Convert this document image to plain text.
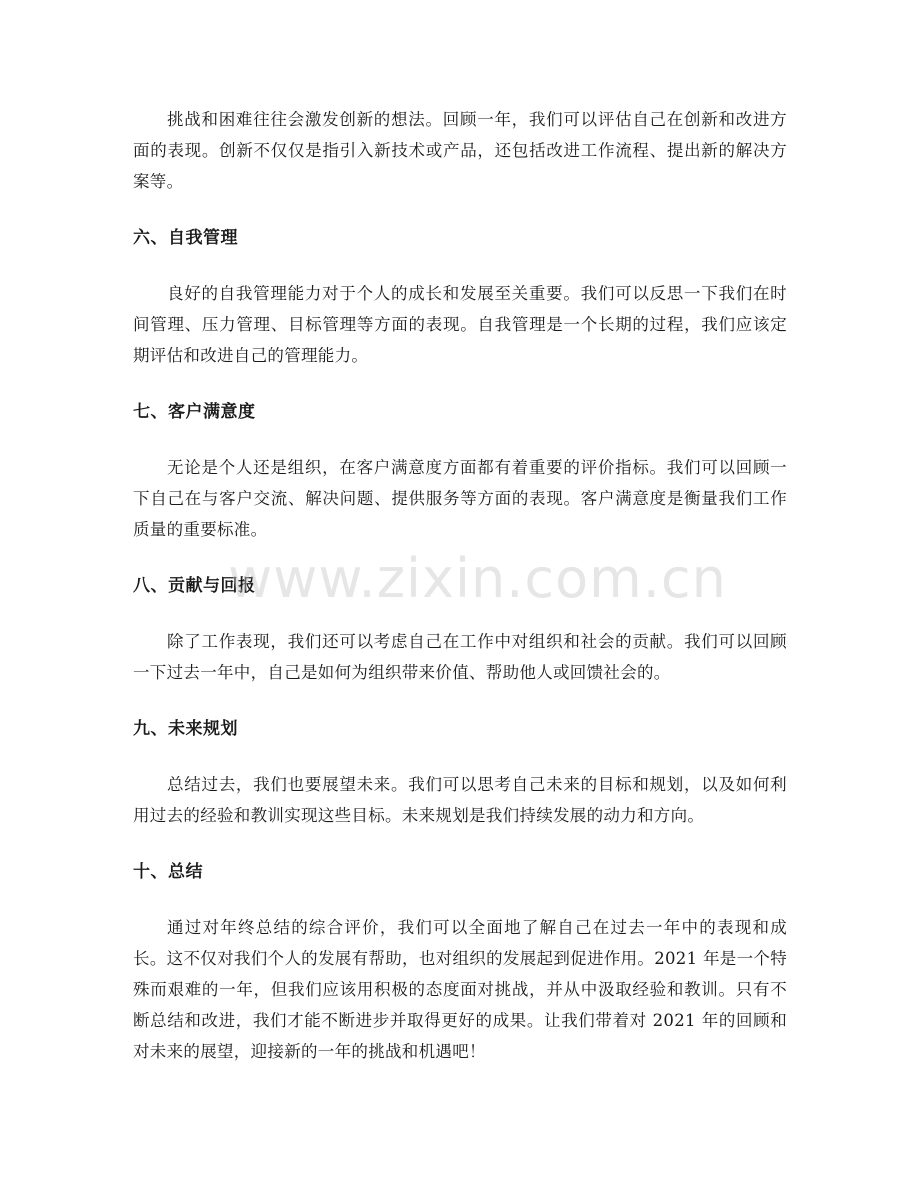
挑战和困难往往会激发创新的想法。回顾一年，我们可以评估自己在创新和改进方面的表现。创新不仅仅是指引入新技术或产品，还包括改进工作流程、提出新的解决方案等。

六、自我管理

良好的自我管理能力对于个人的成长和发展至关重要。我们可以反思一下我们在时间管理、压力管理、目标管理等方面的表现。自我管理是一个长期的过程，我们应该定期评估和改进自己的管理能力。

七、客户满意度

无论是个人还是组织，在客户满意度方面都有着重要的评价指标。我们可以回顾一下自己在与客户交流、解决问题、提供服务等方面的表现。客户满意度是衡量我们工作质量的重要标准。

八、贡献与回报

除了工作表现，我们还可以考虑自己在工作中对组织和社会的贡献。我们可以回顾一下过去一年中，自己是如何为组织带来价值、帮助他人或回馈社会的。

九、未来规划

总结过去，我们也要展望未来。我们可以思考自己未来的目标和规划，以及如何利用过去的经验和教训实现这些目标。未来规划是我们持续发展的动力和方向。

十、总结

通过对年终总结的综合评价，我们可以全面地了解自己在过去一年中的表现和成长。这不仅对我们个人的发展有帮助，也对组织的发展起到促进作用。2021 年是一个特殊而艰难的一年，但我们应该用积极的态度面对挑战，并从中汲取经验和教训。只有不断总结和改进，我们才能不断进步并取得更好的成果。让我们带着对 2021 年的回顾和对未来的展望，迎接新的一年的挑战和机遇吧！

www.zixin.com.cn
